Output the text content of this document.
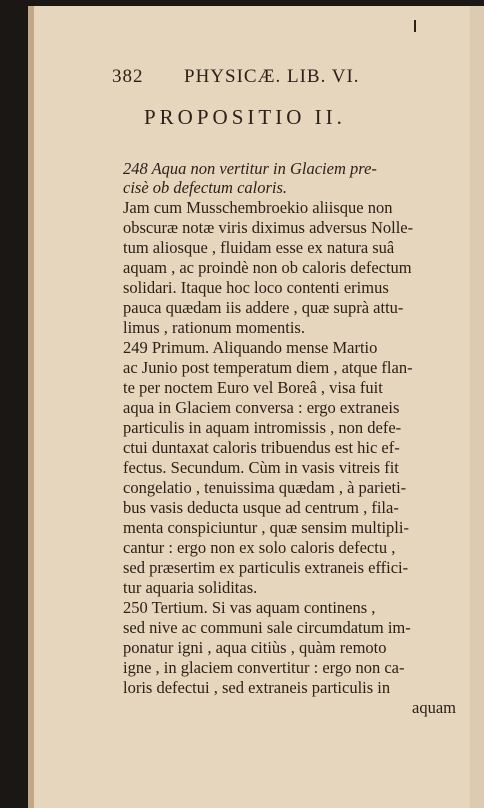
382 PHYSICÆ. LIB. VI.
PROPOSITIO II.
248 Aqua non vertitur in Glaciem pre-
cisè ob defectum caloris.
Jam cum Musschembroekio aliisque non
obscuræ notæ viris diximus adversus Nolle-
tum aliosque , fluidam esse ex natura suâ
aquam , ac proindè non ob caloris defectum
solidari. Itaque hoc loco contenti erimus
pauca quædam iis addere , quæ suprà attu-
limus , rationum momentis.
249 Primum. Aliquando mense Martio
ac Junio post temperatum diem , atque flan-
te per noctem Euro vel Boreâ , visa fuit
aqua in Glaciem conversa : ergo extraneis
particulis in aquam intromissis , non defe-
ctui duntaxat caloris tribuendus est hic ef-
fectus. Secundum. Cùm in vasis vitreis fit
congelatio , tenuissima quædam , à parieti-
bus vasis deducta usque ad centrum , fila-
menta conspiciuntur , quæ sensim multipli-
cantur : ergo non ex solo caloris defectu ,
sed præsertim ex particulis extraneis effici-
tur aquaria soliditas.
250 Tertium. Si vas aquam continens ,
sed nive ac communi sale circumdatum im-
ponatur igni , aqua citiùs , quàm remoto
igne , in glaciem convertitur : ergo non ca-
loris defectui , sed extraneis particulis in
aquam
